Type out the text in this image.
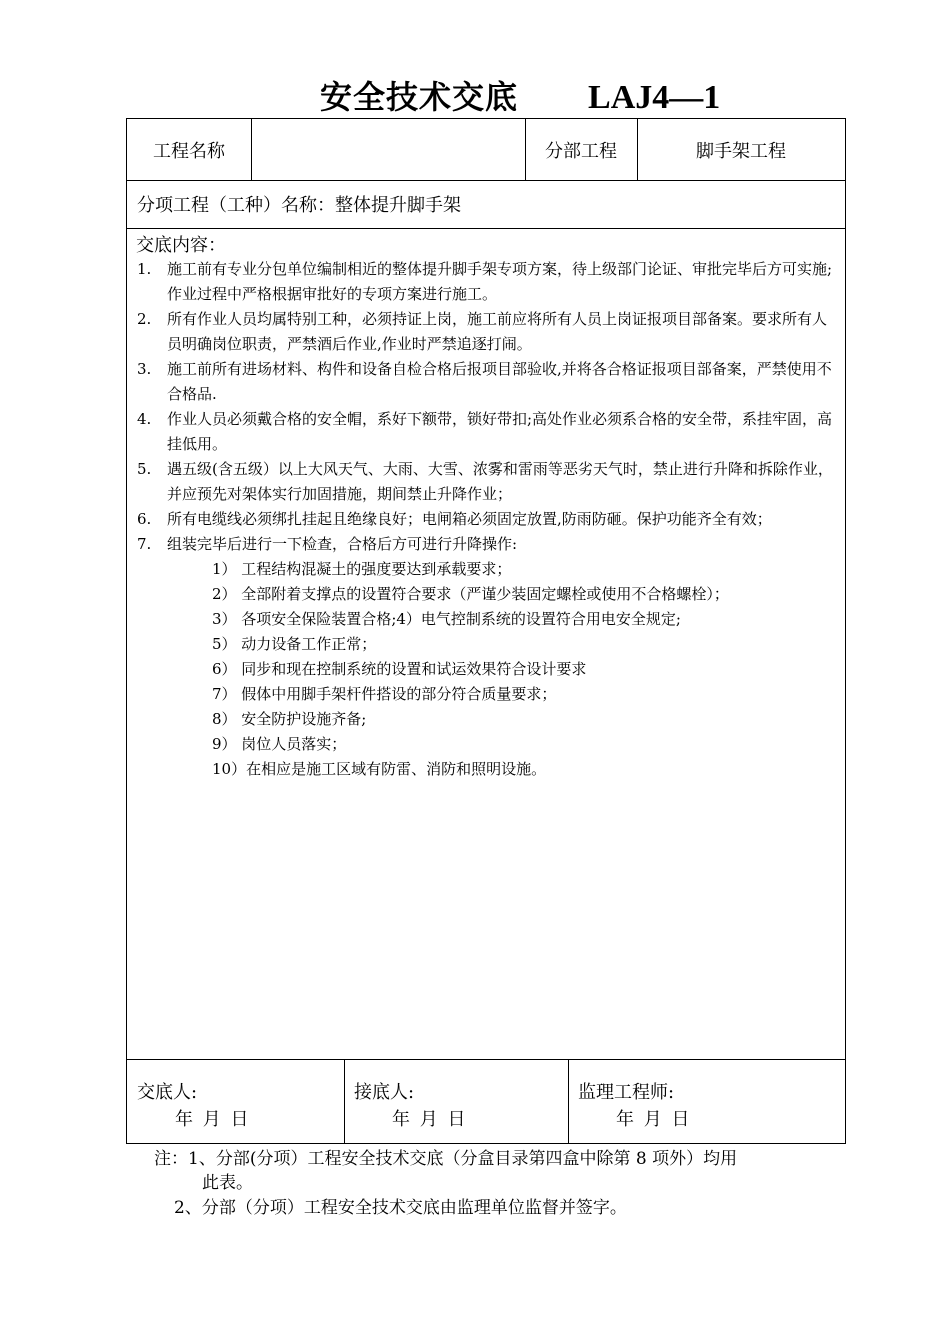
安全技术交底 LAJ4—1
工程名称	分部工程	脚手架工程
分项工程（工种）名称：整体提升脚手架
交底内容：
1. 施工前有专业分包单位编制相近的整体提升脚手架专项方案，待上级部门论证、审批完毕后方可实施;作业过程中严格根据审批好的专项方案进行施工。
2. 所有作业人员均属特别工种，必须持证上岗，施工前应将所有人员上岗证报项目部备案。要求所有人员明确岗位职责，严禁酒后作业,作业时严禁追逐打闹。
3. 施工前所有进场材料、构件和设备自检合格后报项目部验收,并将各合格证报项目部备案，严禁使用不合格品.
4. 作业人员必须戴合格的安全帽，系好下额带，锁好带扣;高处作业必须系合格的安全带，系挂牢固，高挂低用。
5. 遇五级(含五级）以上大风天气、大雨、大雪、浓雾和雷雨等恶劣天气时，禁止进行升降和拆除作业，并应预先对架体实行加固措施，期间禁止升降作业；
6. 所有电缆线必须绑扎挂起且绝缘良好；电闸箱必须固定放置,防雨防砸。保护功能齐全有效；
7. 组装完毕后进行一下检查，合格后方可进行升降操作:
1） 工程结构混凝土的强度要达到承载要求；
2） 全部附着支撑点的设置符合要求（严谨少装固定螺栓或使用不合格螺栓）；
3） 各项安全保险装置合格;4）电气控制系统的设置符合用电安全规定;
5） 动力设备工作正常；
6） 同步和现在控制系统的设置和试运效果符合设计要求
7） 假体中用脚手架杆件搭设的部分符合质量要求；
8） 安全防护设施齐备;
9） 岗位人员落实；
10）在相应是施工区域有防雷、消防和照明设施。
交底人:
年 月 日
接底人:
年 月 日
监理工程师:
年 月 日
注：1、分部(分项）工程安全技术交底（分盒目录第四盒中除第 8 项外）均用
此表。
2、分部（分项）工程安全技术交底由监理单位监督并签字。
